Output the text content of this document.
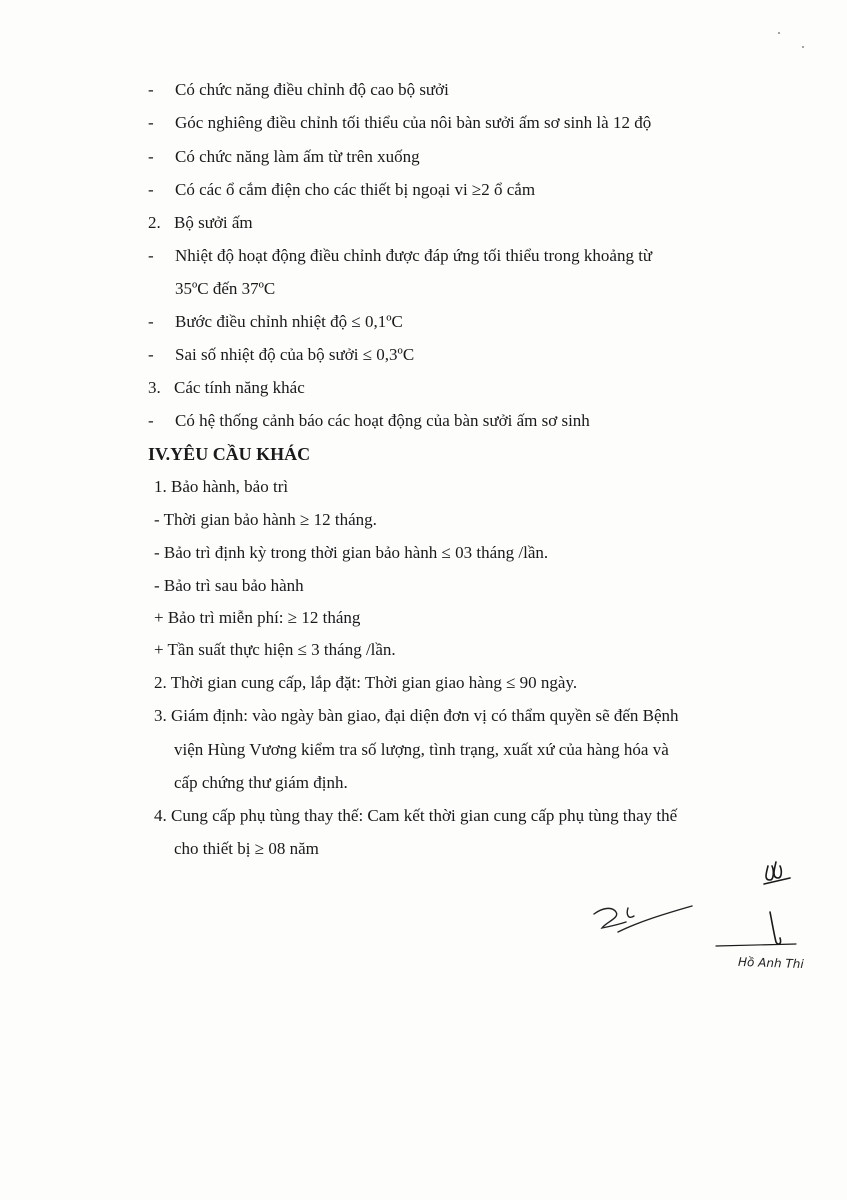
- Có chức năng điều chỉnh độ cao bộ sưởi
- Góc nghiêng điều chỉnh tối thiểu của nôi bàn sưởi ấm sơ sinh là 12 độ
- Có chức năng làm ấm từ trên xuống
- Có các ổ cắm điện cho các thiết bị ngoại vi ≥2 ổ cắm
2. Bộ sưởi ấm
- Nhiệt độ hoạt động điều chỉnh được đáp ứng tối thiểu trong khoảng từ
35ºC đến 37ºC
- Bước điều chỉnh nhiệt độ ≤ 0,1ºC
- Sai số nhiệt độ của bộ sưởi ≤ 0,3ºC
3. Các tính năng khác
- Có hệ thống cảnh báo các hoạt động của bàn sưởi ấm sơ sinh
IV.YÊU CẦU KHÁC
1. Bảo hành, bảo trì
- Thời gian bảo hành ≥ 12 tháng.
- Bảo trì định kỳ trong thời gian bảo hành ≤ 03 tháng /lần.
- Bảo trì sau bảo hành
+ Bảo trì miễn phí: ≥ 12 tháng
+ Tần suất thực hiện ≤ 3 tháng /lần.
2. Thời gian cung cấp, lắp đặt: Thời gian giao hàng ≤ 90 ngày.
3. Giám định: vào ngày bàn giao, đại diện đơn vị có thẩm quyền sẽ đến Bệnh
viện Hùng Vương kiểm tra số lượng, tình trạng, xuất xứ của hàng hóa và
cấp chứng thư giám định.
4. Cung cấp phụ tùng thay thế: Cam kết thời gian cung cấp phụ tùng thay thế
cho thiết bị ≥ 08 năm
Hồ Anh Thi
